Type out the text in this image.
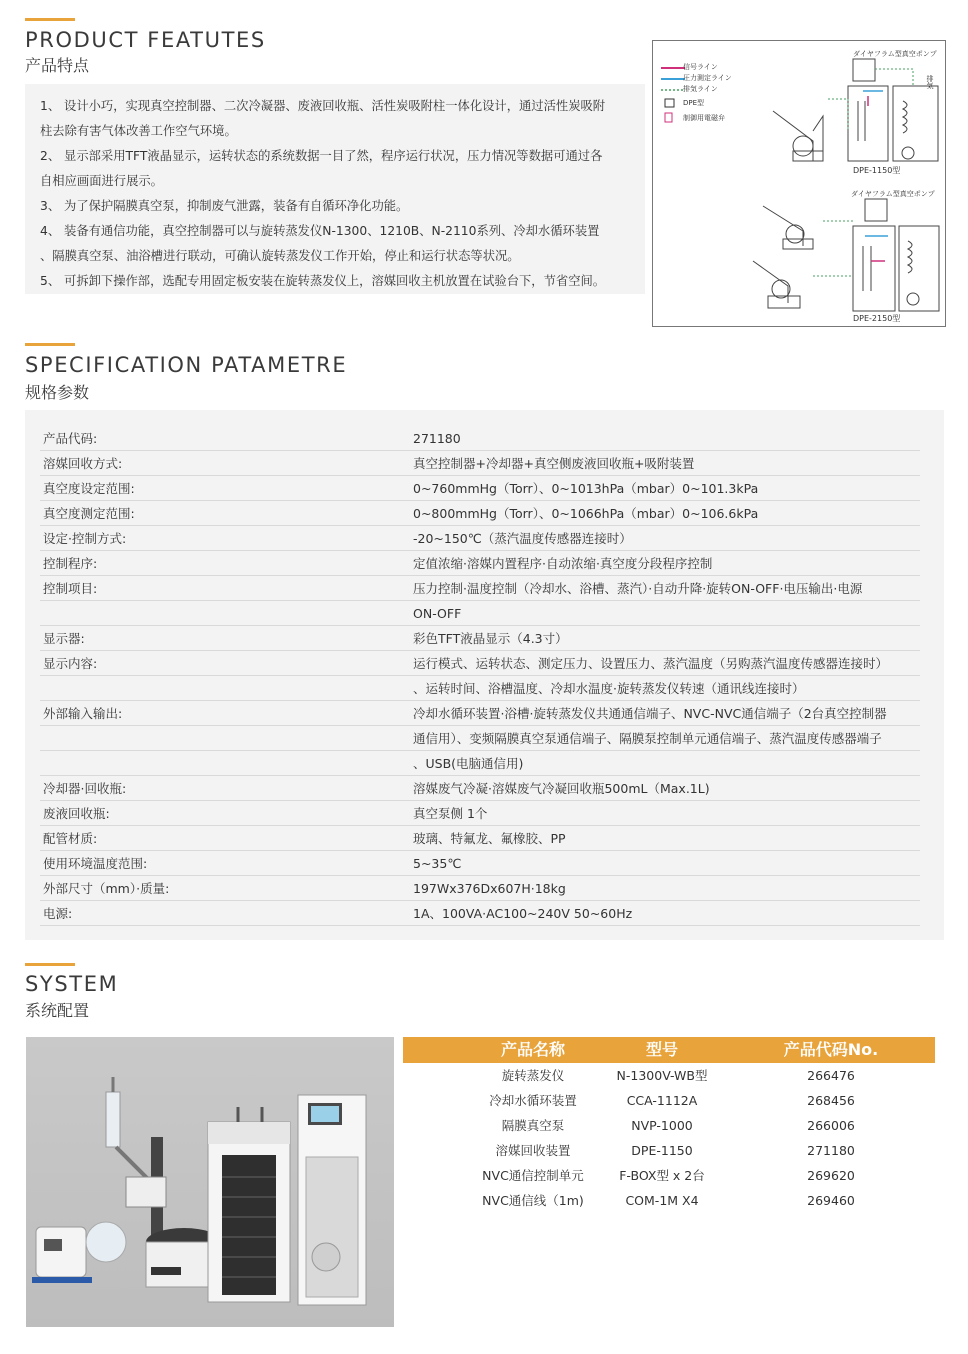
PRODUCT FEATUTES
产品特点
1、 设计小巧，实现真空控制器、二次冷凝器、废液回收瓶、活性炭吸附柱一体化设计，通过活性炭吸附
柱去除有害气体改善工作空气环境。
2、 显示部采用TFT液晶显示，运转状态的系统数据一目了然，程序运行状况，压力情况等数据可通过各
自相应画面进行展示。
3、 为了保护隔膜真空泵，抑制废气泄露，装备有自循环净化功能。
4、 装备有通信功能，真空控制器可以与旋转蒸发仪N-1300、1210B、N-2110系列、冷却水循环装置
、隔膜真空泵、油浴槽进行联动，可确认旋转蒸发仪工作开始，停止和运行状态等状况。
5、 可拆卸下操作部，选配专用固定板安装在旋转蒸发仪上，溶媒回收主机放置在试验台下，节省空间。
信号ライン
圧力測定ライン
排気ライン
DPE型
制御用電磁弁
ダイヤフラム型真空ポンプ
ダイヤフラム型真空ポンプ
排気
DPE-1150型
DPE-2150型
SPECIFICATION PATAMETRE
规格参数
产品代码:	271180
溶媒回收方式:	真空控制器+冷却器+真空侧废液回收瓶+吸附装置
真空度设定范围:	0~760mmHg（Torr）、0~1013hPa（mbar）0~101.3kPa
真空度测定范围:	0~800mmHg（Torr）、0~1066hPa（mbar）0~106.6kPa
设定·控制方式:	-20~150℃（蒸汽温度传感器连接时）
控制程序:	定值浓缩·溶媒内置程序·自动浓缩·真空度分段程序控制
控制项目:	压力控制·温度控制（冷却水、浴槽、蒸汽）·自动升降·旋转ON-OFF·电压输出·电源
ON-OFF
显示器:	彩色TFT液晶显示（4.3寸）
显示内容:	运行模式、运转状态、测定压力、设置压力、蒸汽温度（另购蒸汽温度传感器连接时）
、运转时间、浴槽温度、冷却水温度·旋转蒸发仪转速（通讯线连接时）
外部输入输出:	冷却水循环装置·浴槽·旋转蒸发仪共通通信端子、NVC-NVC通信端子（2台真空控制器
通信用）、变频隔膜真空泵通信端子、隔膜泵控制单元通信端子、蒸汽温度传感器端子
、USB(电脑通信用)
冷却器·回收瓶:	溶媒废气冷凝·溶媒废气冷凝回收瓶500mL（Max.1L)
废液回收瓶:	真空泵侧 1个
配管材质:	玻璃、特氟龙、氟橡胶、PP
使用环境温度范围:	5~35℃
外部尺寸（mm）·质量:	197Wx376Dx607H·18kg
电源:	1A、100VA·AC100~240V 50~60Hz
SYSTEM
系统配置
产品名称	型号	产品代码No.
旋转蒸发仪	N-1300V-WB型	266476
冷却水循环装置	CCA-1112A	268456
隔膜真空泵	NVP-1000	266006
溶媒回收装置	DPE-1150	271180
NVC通信控制单元	F-BOX型 x 2台	269620
NVC通信线（1m)	COM-1M X4	269460
